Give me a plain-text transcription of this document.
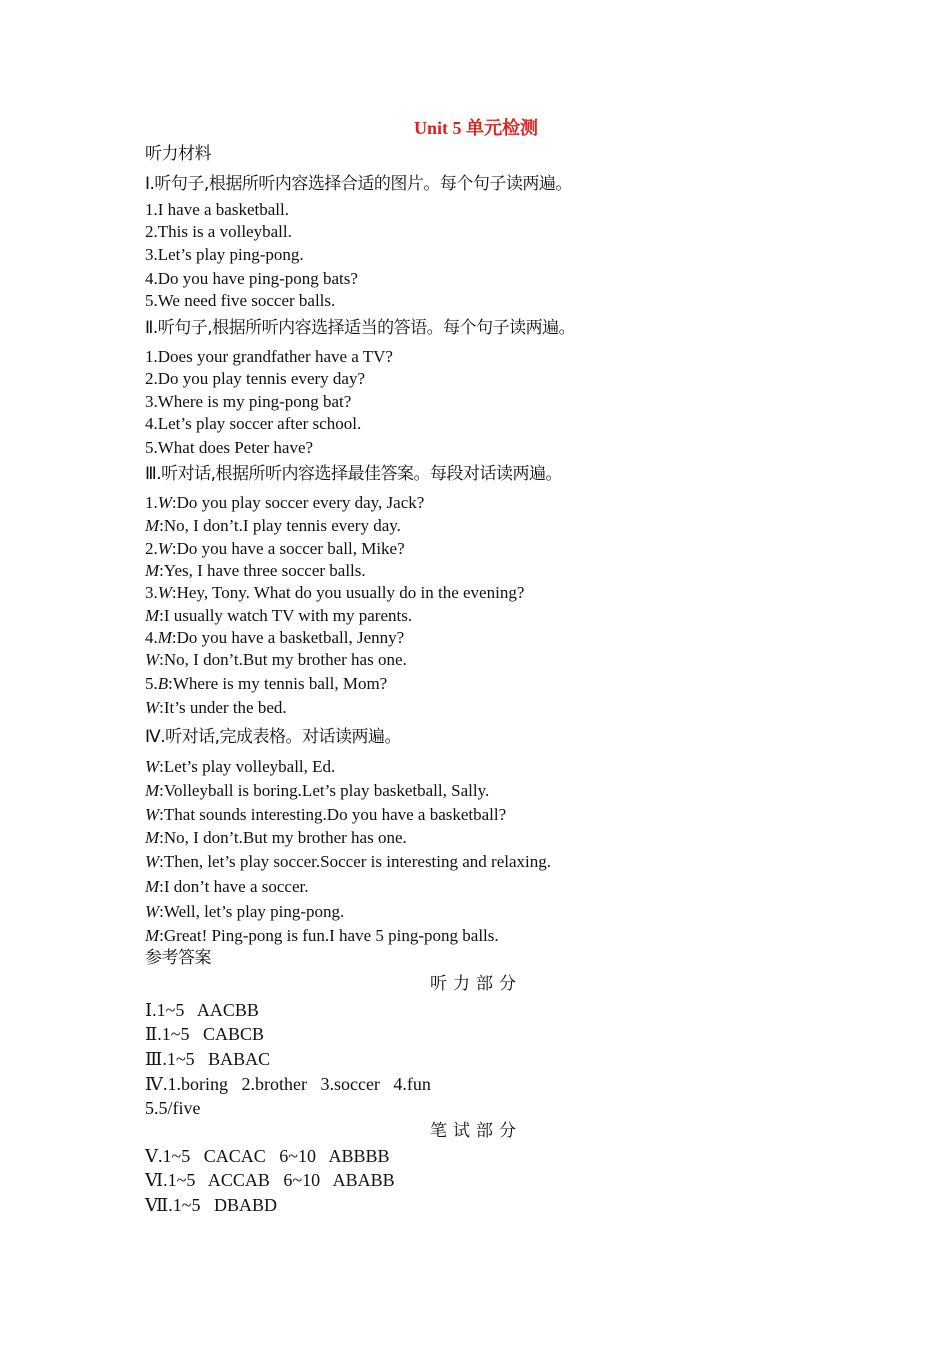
Unit 5 单元检测
听力材料
Ⅰ.听句子,根据所听内容选择合适的图片。每个句子读两遍。
1.I have a basketball.
2.This is a volleyball.
3.Let’s play ping-pong.
4.Do you have ping-pong bats?
5.We need five soccer balls.
Ⅱ.听句子,根据所听内容选择适当的答语。每个句子读两遍。
1.Does your grandfather have a TV?
2.Do you play tennis every day?
3.Where is my ping-pong bat?
4.Let’s play soccer after school.
5.What does Peter have?
Ⅲ.听对话,根据所听内容选择最佳答案。每段对话读两遍。
1.W:Do you play soccer every day, Jack?
M:No, I don’t.I play tennis every day.
2.W:Do you have a soccer ball, Mike?
M:Yes, I have three soccer balls.
3.W:Hey, Tony. What do you usually do in the evening?
M:I usually watch TV with my parents.
4.M:Do you have a basketball, Jenny?
W:No, I don’t.But my brother has one.
5.B:Where is my tennis ball, Mom?
W:It’s under the bed.
Ⅳ.听对话,完成表格。对话读两遍。
W:Let’s play volleyball, Ed.
M:Volleyball is boring.Let’s play basketball, Sally.
W:That sounds interesting.Do you have a basketball?
M:No, I don’t.But my brother has one.
W:Then, let’s play soccer.Soccer is interesting and relaxing.
M:I don’t have a soccer.
W:Well, let’s play ping-pong.
M:Great! Ping-pong is fun.I have 5 ping-pong balls.
参考答案
听力部分
Ⅰ.1~5   AACBB
Ⅱ.1~5   CABCB
Ⅲ.1~5   BABAC
Ⅳ.1.boring   2.brother   3.soccer   4.fun
5.5/five
笔试部分
Ⅴ.1~5   CACAC   6~10   ABBBB
Ⅵ.1~5   ACCAB   6~10   ABABB
Ⅶ.1~5   DBABD
